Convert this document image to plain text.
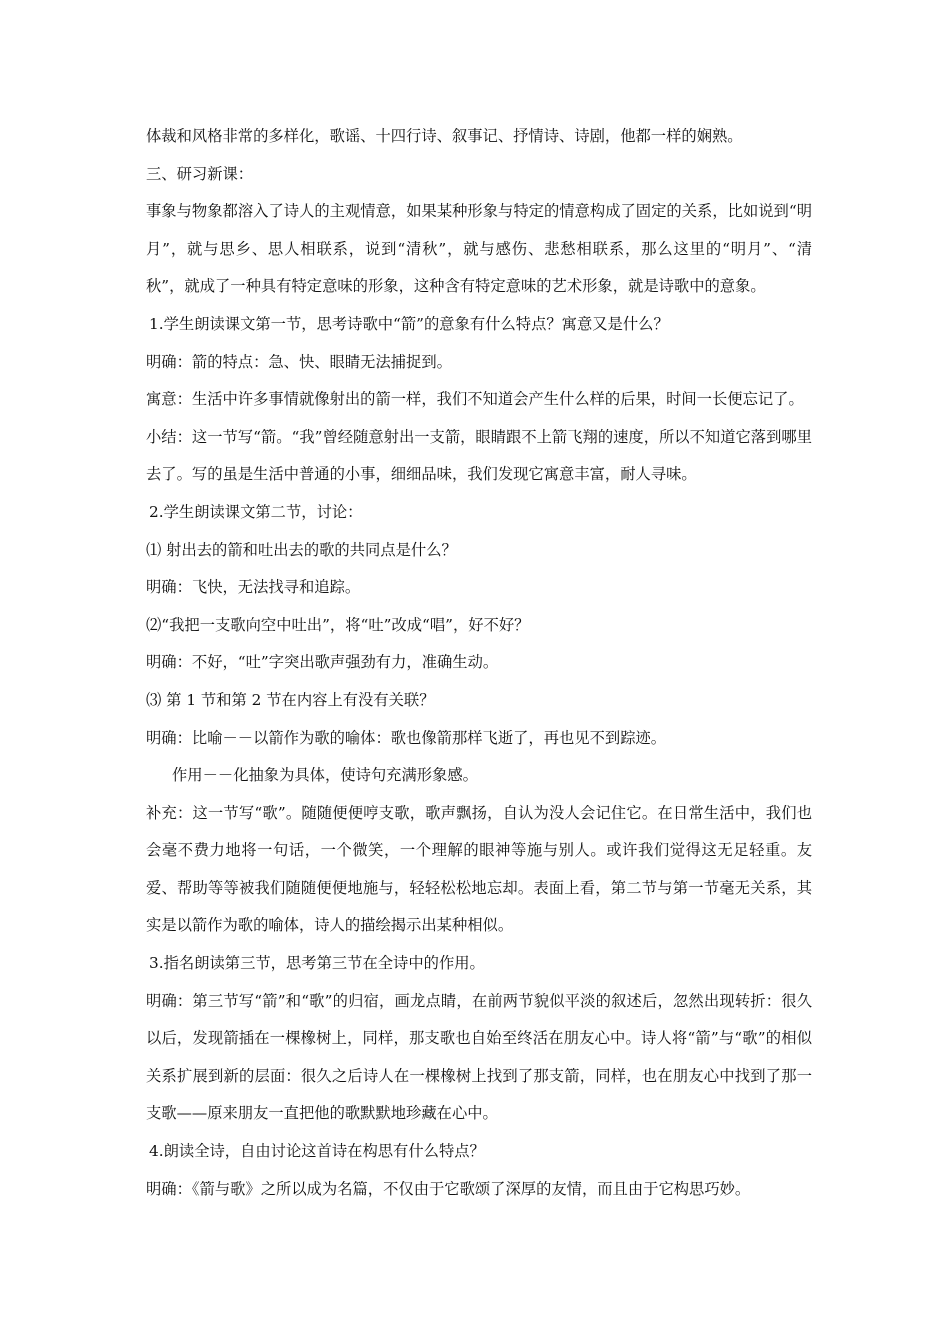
体裁和风格非常的多样化，歌谣、十四行诗、叙事记、抒情诗、诗剧，他都一样的娴熟。

三、研习新课：

事象与物象都溶入了诗人的主观情意，如果某种形象与特定的情意构成了固定的关系，比如说到“明月”，就与思乡、思人相联系，说到“清秋”，就与感伤、悲愁相联系，那么这里的“明月”、“清秋”，就成了一种具有特定意味的形象，这种含有特定意味的艺术形象，就是诗歌中的意象。

1.学生朗读课文第一节，思考诗歌中“箭”的意象有什么特点？寓意又是什么？

明确：箭的特点：急、快、眼睛无法捕捉到。

寓意：生活中许多事情就像射出的箭一样，我们不知道会产生什么样的后果，时间一长便忘记了。

小结：这一节写“箭。“我”曾经随意射出一支箭，眼睛跟不上箭飞翔的速度，所以不知道它落到哪里去了。写的虽是生活中普通的小事，细细品味，我们发现它寓意丰富，耐人寻味。

2.学生朗读课文第二节，讨论：

⑴ 射出去的箭和吐出去的歌的共同点是什么？

明确：飞快，无法找寻和追踪。

⑵“我把一支歌向空中吐出”，将“吐”改成“唱”，好不好？

明确：不好，“吐”字突出歌声强劲有力，准确生动。

⑶ 第 1 节和第 2 节在内容上有没有关联？

明确：比喻－－以箭作为歌的喻体：歌也像箭那样飞逝了，再也见不到踪迹。

作用－－化抽象为具体，使诗句充满形象感。

补充：这一节写“歌”。随随便便哼支歌，歌声飘扬，自认为没人会记住它。在日常生活中，我们也会毫不费力地将一句话，一个微笑，一个理解的眼神等施与别人。或许我们觉得这无足轻重。友爱、帮助等等被我们随随便便地施与，轻轻松松地忘却。表面上看，第二节与第一节毫无关系，其实是以箭作为歌的喻体，诗人的描绘揭示出某种相似。

3.指名朗读第三节，思考第三节在全诗中的作用。

明确：第三节写“箭”和“歌”的归宿，画龙点睛，在前两节貌似平淡的叙述后，忽然出现转折：很久以后，发现箭插在一棵橡树上，同样，那支歌也自始至终活在朋友心中。诗人将“箭”与“歌”的相似关系扩展到新的层面：很久之后诗人在一棵橡树上找到了那支箭，同样，也在朋友心中找到了那一支歌——原来朋友一直把他的歌默默地珍藏在心中。

4.朗读全诗，自由讨论这首诗在构思有什么特点？

明确：《箭与歌》之所以成为名篇，不仅由于它歌颂了深厚的友情，而且由于它构思巧妙。
